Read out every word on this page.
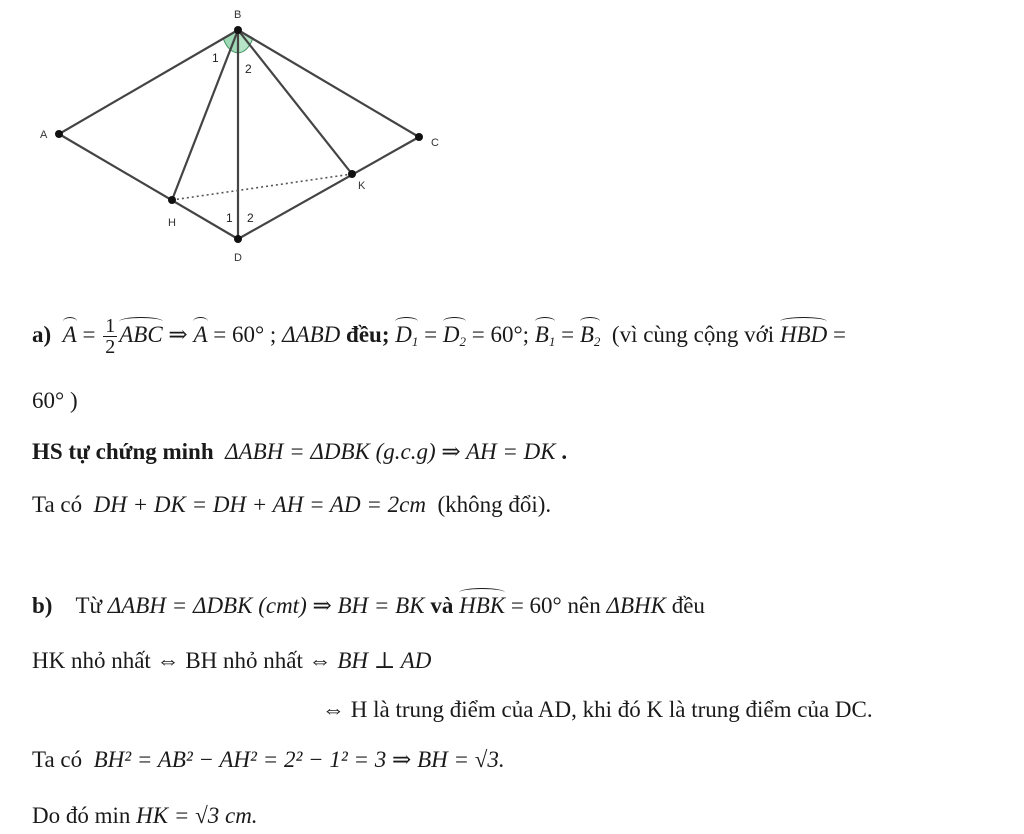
B
A
C
D
H
K
1
2
1 2
a) $A = \frac{1}{2}$ ABC ⇒ A = 60° ; ΔABD đều; $D_1 = D_2 = 60^\circ$; $B_1 = B_2$ (vì cùng cộng với HBD =
60° )
HS tự chứng minh ΔABH = ΔDBK (g.c.g) ⇒ AH = DK .
Ta có DH + DK = DH + AH = AD = 2cm (không đổi).
b) Từ ΔABH = ΔDBK (cmt) ⇒ BH = BK và HBK = 60° nên ΔBHK đều
HK nhỏ nhất ⇔ BH nhỏ nhất ⇔ BH ⊥ AD
⇔ H là trung điểm của AD, khi đó K là trung điểm của DC.
Ta có BH² = AB² − AH² = 2² − 1² = 3 ⇒ BH = √3.
Do đó min HK = √3 cm.
